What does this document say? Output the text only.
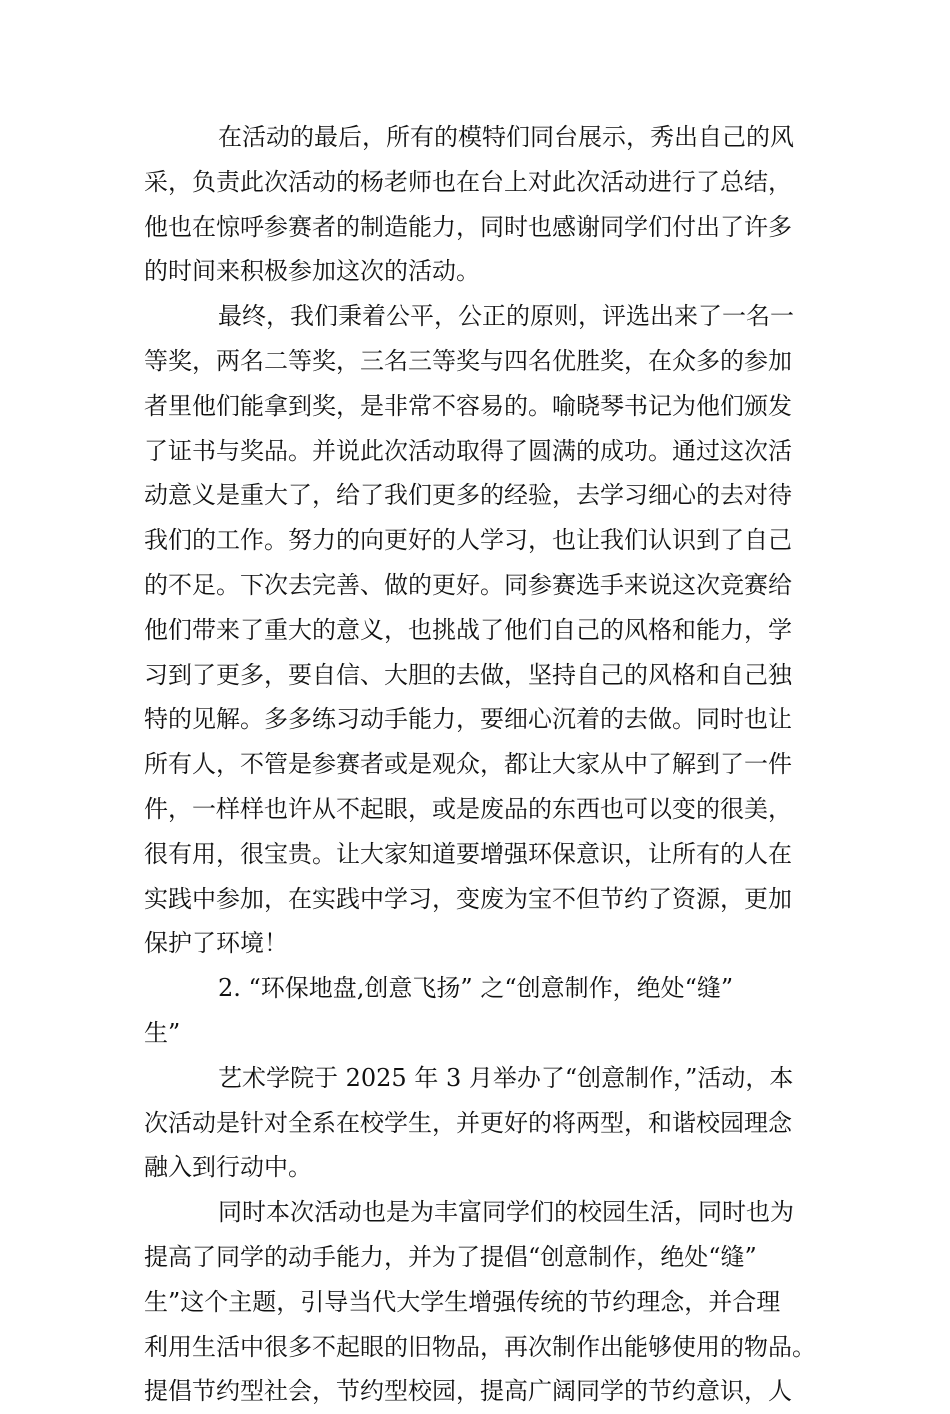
在活动的最后，所有的模特们同台展示，秀出自己的风
采，负责此次活动的杨老师也在台上对此次活动进行了总结，
他也在惊呼参赛者的制造能力，同时也感谢同学们付出了许多
的时间来积极参加这次的活动。
最终，我们秉着公平，公正的原则，评选出来了一名一
等奖，两名二等奖，三名三等奖与四名优胜奖，在众多的参加
者里他们能拿到奖，是非常不容易的。喻晓琴书记为他们颁发
了证书与奖品。并说此次活动取得了圆满的成功。通过这次活
动意义是重大了，给了我们更多的经验，去学习细心的去对待
我们的工作。努力的向更好的人学习，也让我们认识到了自己
的不足。下次去完善、做的更好。同参赛选手来说这次竞赛给
他们带来了重大的意义，也挑战了他们自己的风格和能力，学
习到了更多，要自信、大胆的去做，坚持自己的风格和自己独
特的见解。多多练习动手能力，要细心沉着的去做。同时也让
所有人，不管是参赛者或是观众，都让大家从中了解到了一件
件，一样样也许从不起眼，或是废品的东西也可以变的很美，
很有用，很宝贵。让大家知道要增强环保意识，让所有的人在
实践中参加，在实践中学习，变废为宝不但节约了资源，更加
保护了环境！
2. “环保地盘,创意飞扬” 之“创意制作，绝处“缝”
生”
艺术学院于 2025 年 3 月举办了“创意制作，”活动，本
次活动是针对全系在校学生，并更好的将两型，和谐校园理念
融入到行动中。
同时本次活动也是为丰富同学们的校园生活，同时也为
提高了同学的动手能力，并为了提倡“创意制作，绝处“缝”
生”这个主题，引导当代大学生增强传统的节约理念，并合理
利用生活中很多不起眼的旧物品，再次制作出能够使用的物品。
提倡节约型社会，节约型校园，提高广阔同学的节约意识，人
